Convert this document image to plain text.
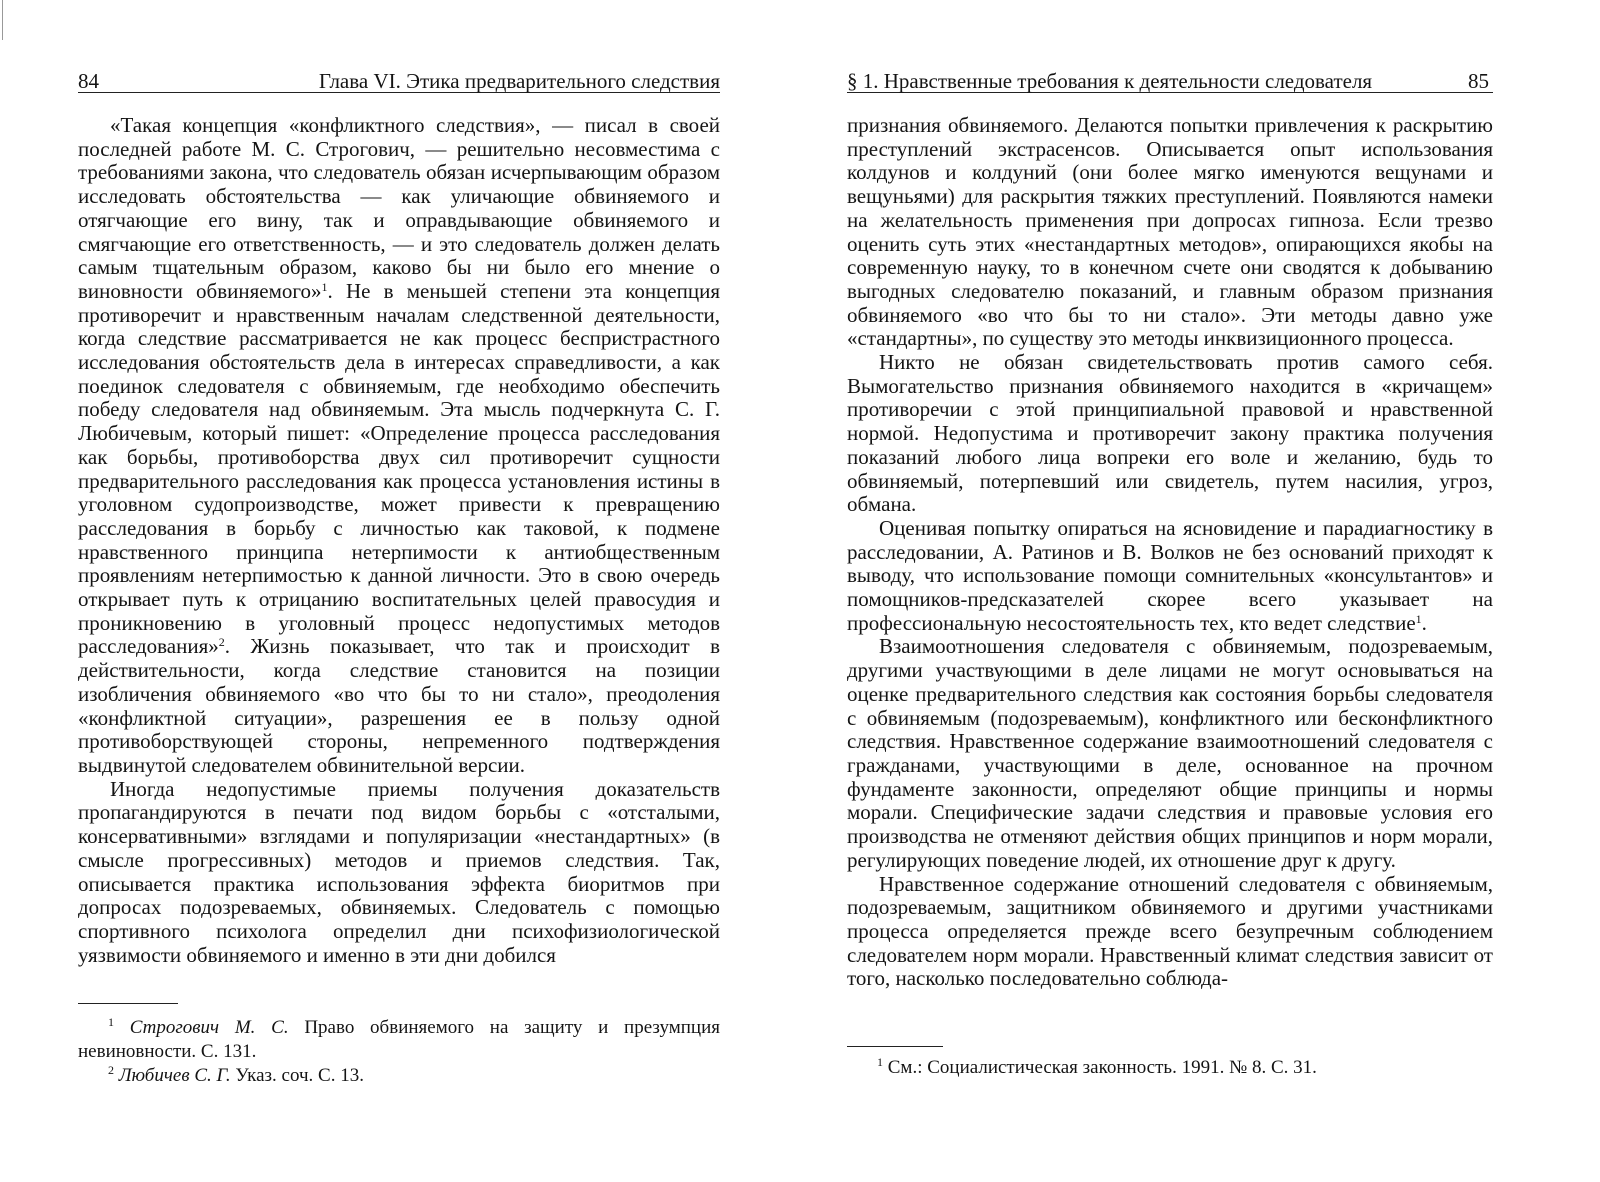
84	Глава VI. Этика предварительного следствия

«Такая концепция «конфликтного следствия», — писал в своей последней работе М. С. Строгович, — решительно несовместима с требованиями закона, что следователь обязан исчерпывающим образом исследовать обстоятельства — как уличающие обвиняемого и отягчающие его вину, так и оправдывающие обвиняемого и смягчающие его ответственность, — и это следователь должен делать самым тщательным образом, каково бы ни было его мнение о виновности обвиняемого»$^1$. Не в меньшей степени эта концепция противоречит и нравственным началам следственной деятельности, когда следствие рассматривается не как процесс беспристрастного исследования обстоятельств дела в интересах справедливости, а как поединок следователя с обвиняемым, где необходимо обеспечить победу следователя над обвиняемым. Эта мысль подчеркнута С. Г. Любичевым, который пишет: «Определение процесса расследования как борьбы, противоборства двух сил противоречит сущности предварительного расследования как процесса установления истины в уголовном судопроизводстве, может привести к превращению расследования в борьбу с личностью как таковой, к подмене нравственного принципа нетерпимости к антиобщественным проявлениям нетерпимостью к данной личности. Это в свою очередь открывает путь к отрицанию воспитательных целей правосудия и проникновению в уголовный процесс недопустимых методов расследования»$^2$. Жизнь показывает, что так и происходит в действительности, когда следствие становится на позиции изобличения обвиняемого «во что бы то ни стало», преодоления «конфликтной ситуации», разрешения ее в пользу одной противоборствующей стороны, непременного подтверждения выдвинутой следователем обвинительной версии.

Иногда недопустимые приемы получения доказательств пропагандируются в печати под видом борьбы с «отсталыми, консервативными» взглядами и популяризации «нестандартных» (в смысле прогрессивных) методов и приемов следствия. Так, описывается практика использования эффекта биоритмов при допросах подозреваемых, обвиняемых. Следователь с помощью спортивного психолога определил дни психофизиологической уязвимости обвиняемого и именно в эти дни добился

$^1$ Строгович М. С. Право обвиняемого на защиту и презумпция невиновности. С. 131.

$^2$ Любичев С. Г. Указ. соч. С. 13.

§ 1. Нравственные требования к деятельности следователя	85

признания обвиняемого. Делаются попытки привлечения к раскрытию преступлений экстрасенсов. Описывается опыт использования колдунов и колдуний (они более мягко именуются вещунами и вещуньями) для раскрытия тяжких преступлений. Появляются намеки на желательность применения при допросах гипноза. Если трезво оценить суть этих «нестандартных методов», опирающихся якобы на современную науку, то в конечном счете они сводятся к добыванию выгодных следователю показаний, и главным образом признания обвиняемого «во что бы то ни стало». Эти методы давно уже «стандартны», по существу это методы инквизиционного процесса.

Никто не обязан свидетельствовать против самого себя. Вымогательство признания обвиняемого находится в «кричащем» противоречии с этой принципиальной правовой и нравственной нормой. Недопустима и противоречит закону практика получения показаний любого лица вопреки его воле и желанию, будь то обвиняемый, потерпевший или свидетель, путем насилия, угроз, обмана.

Оценивая попытку опираться на ясновидение и парадиагностику в расследовании, А. Ратинов и В. Волков не без оснований приходят к выводу, что использование помощи сомнительных «консультантов» и помощников-предсказателей скорее всего указывает на профессиональную несостоятельность тех, кто ведет следствие$^1$.

Взаимоотношения следователя с обвиняемым, подозреваемым, другими участвующими в деле лицами не могут основываться на оценке предварительного следствия как состояния борьбы следователя с обвиняемым (подозреваемым), конфликтного или бесконфликтного следствия. Нравственное содержание взаимоотношений следователя с гражданами, участвующими в деле, основанное на прочном фундаменте законности, определяют общие принципы и нормы морали. Специфические задачи следствия и правовые условия его производства не отменяют действия общих принципов и норм морали, регулирующих поведение людей, их отношение друг к другу.

Нравственное содержание отношений следователя с обвиняемым, подозреваемым, защитником обвиняемого и другими участниками процесса определяется прежде всего безупречным соблюдением следователем норм морали. Нравственный климат следствия зависит от того, насколько последовательно соблюда-

$^1$ См.: Социалистическая законность. 1991. № 8. С. 31.
